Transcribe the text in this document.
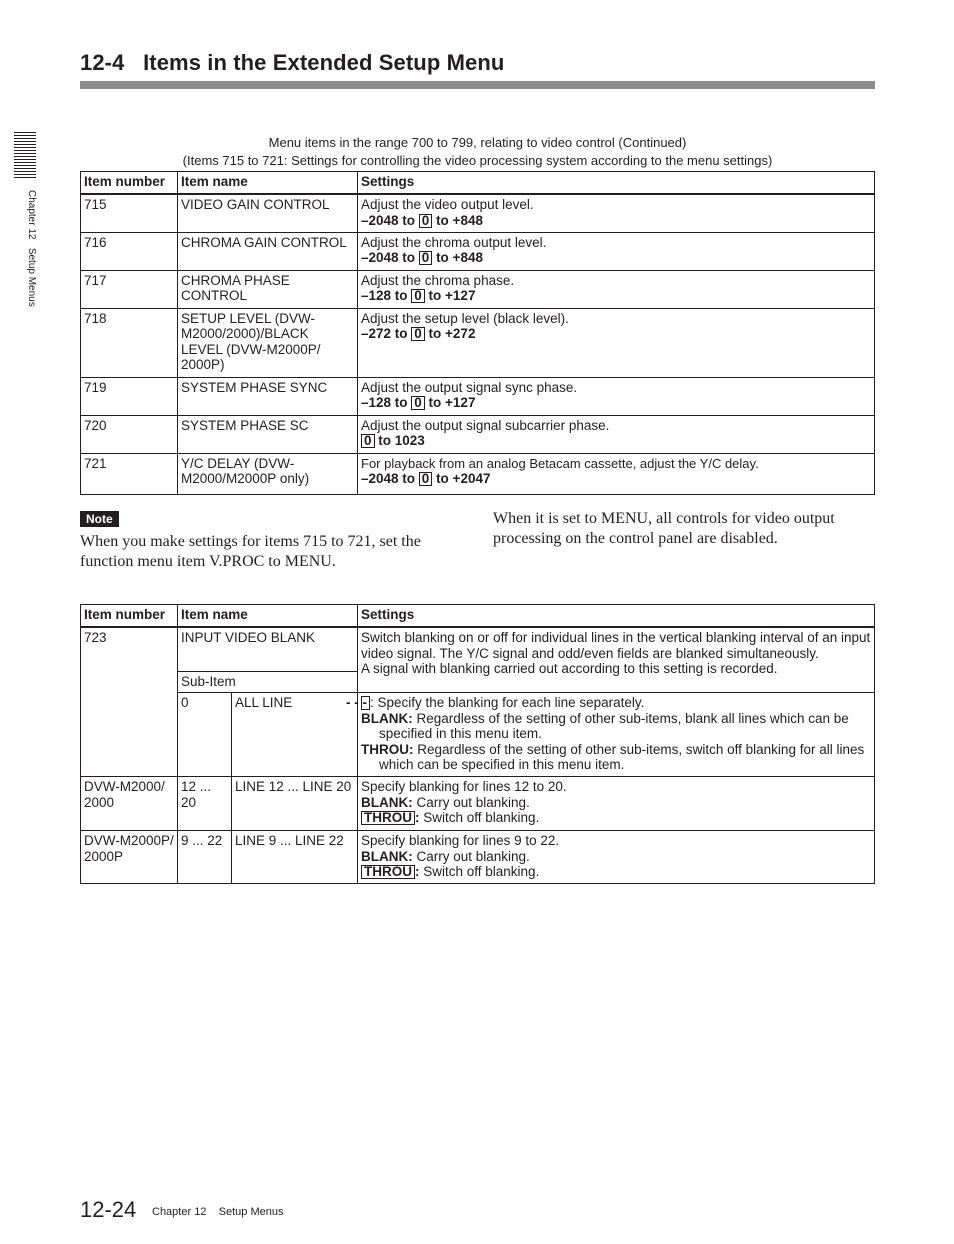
12-4   Items in the Extended Setup Menu
Chapter 12   Setup Menus
Menu items in the range 700 to 799, relating to video control (Continued)
(Items 715 to 721: Settings for controlling the video processing system according to the menu settings)
Item number	Item name	Settings
715	VIDEO GAIN CONTROL	Adjust the video output level.
–2048 to 0 to +848

716	CHROMA GAIN CONTROL	Adjust the chroma output level.
–2048 to 0 to +848

717	CHROMA PHASE CONTROL	Adjust the chroma phase.
–128 to 0 to +127

718	SETUP LEVEL (DVW-M2000/2000)/BLACK LEVEL (DVW-M2000P/ 2000P)	Adjust the setup level (black level).
–272 to 0 to +272

719	SYSTEM PHASE SYNC	Adjust the output signal sync phase.
–128 to 0 to +127

720	SYSTEM PHASE SC	Adjust the output signal subcarrier phase.
0 to 1023

721	Y/C DELAY (DVW-M2000/M2000P only)	For playback from an analog Betacam cassette, adjust the Y/C delay.
–2048 to 0 to +2047
Note
When you make settings for items 715 to 721, set the function menu item V.PROC to MENU.
When it is set to MENU, all controls for video output processing on the control panel are disabled.
Item number	Item name		Settings
723	INPUT VIDEO BLANK		Switch blanking on or off for individual lines in the vertical blanking interval of an input video signal. The Y/C signal and odd/even fields are blanked simultaneously.
A signal with blanking carried out according to this setting is recorded.

	Sub-Item		
	0	ALL LINE	- - - : Specify the blanking for each line separately.
BLANK: Regardless of the setting of other sub-items, blank all lines which can be specified in this menu item.
THROU: Regardless of the setting of other sub-items, switch off blanking for all lines which can be specified in this menu item.

DVW-M2000/ 2000	12 ... 20	LINE 12 ... LINE 20	Specify blanking for lines 12 to 20.
BLANK: Carry out blanking.
THROU : Switch off blanking.

DVW-M2000P/ 2000P	9 ... 22	LINE 9 ... LINE 22	Specify blanking for lines 9 to 22.
BLANK: Carry out blanking.
THROU : Switch off blanking.
12-24 Chapter 12    Setup Menus
